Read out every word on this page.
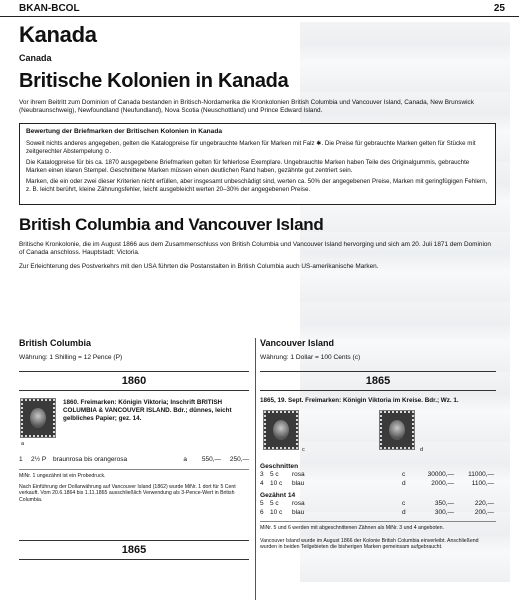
BKAN-BCOL	25
Kanada
Canada
Britische Kolonien in Kanada
Vor ihrem Beitritt zum Dominion of Canada bestanden in Britisch-Nordamerika die Kronkolonien British Columbia und Vancouver Island, Canada, New Brunswick (Neubraunschweig), Newfoundland (Neufundland), Nova Scotia (Neuschottland) und Prince Edward Island.
Bewertung der Briefmarken der Britischen Kolonien in Kanada

Soweit nichts anderes angegeben, gelten die Katalogpreise für ungebrauchte Marken für Marken mit Falz ✱. Die Preise für gebrauchte Marken gelten für Stücke mit zeitgerechter Abstempelung ⊙.

Die Katalogpreise für bis ca. 1870 ausgegebene Briefmarken gelten für fehlerlose Exemplare. Ungebrauchte Marken haben Teile des Originalgummis, gebrauchte Marken einen klaren Stempel. Geschnittene Marken müssen einen deutlichen Rand haben, gezähnte gut zentriert sein.

Marken, die ein oder zwei dieser Kriterien nicht erfüllen, aber insgesamt unbeschädigt sind, werten ca. 50% der angegebenen Preise, Marken mit geringfügigen Fehlern, z. B. leicht berührt, kleine Zähnungsfehler, leicht ausgebleicht werten 20–30% der angegebenen Preise.

British Columbia and Vancouver Island
Britische Kronkolonie, die im August 1866 aus dem Zusammenschluss von British Columbia und Vancouver Island hervorging und sich am 20. Juli 1871 dem Dominion of Canada anschloss. Hauptstadt: Victoria.
Zur Erleichterung des Postverkehrs mit den USA führten die Postanstalten in British Columbia auch US-amerikanische Marken.
British Columbia
Währung: 1 Shilling = 12 Pence (P)
1860
a
1860. Freimarken: Königin Viktoria; Inschrift BRITISH COLUMBIA & VANCOUVER ISLAND. Bdr.; dünnes, leicht gelbliches Papier; gez. 14.
1	2½ P	braunrosa bis orangerosa	a	550,—	250,—
MiNr. 1 ungezähnt ist ein Probedruck.
Nach Einführung der Dollarwährung auf Vancouver Island (1862) wurde MiNr. 1 dort für 5 Cent verkauft. Vom 20.6.1864 bis 1.11.1865 ausschließlich Verwendung als 3-Pence-Wert in British Columbia.
1865
Vancouver Island
Währung: 1 Dollar = 100 Cents (c)
1865
1865, 19. Sept. Freimarken: Königin Viktoria im Kreise. Bdr.; Wz. 1.
c	d
Geschnitten
3 5 c	rosa	c	30000,—	11000,—
4 10 c	blau	d	2000,—	1100,—
Gezähnt 14
5 5 c	rosa	c	350,—	220,—
6 10 c	blau	d	300,—	200,—
MiNr. 5 und 6 werden mit abgeschnittenen Zähnen als MiNr. 3 und 4 angeboten.
Vancouver Island wurde im August 1866 der Kolonie British Columbia einverleibt. Anschließend wurden in beiden Teilgebieten die bisherigen Marken gemeinsam aufgebraucht.
